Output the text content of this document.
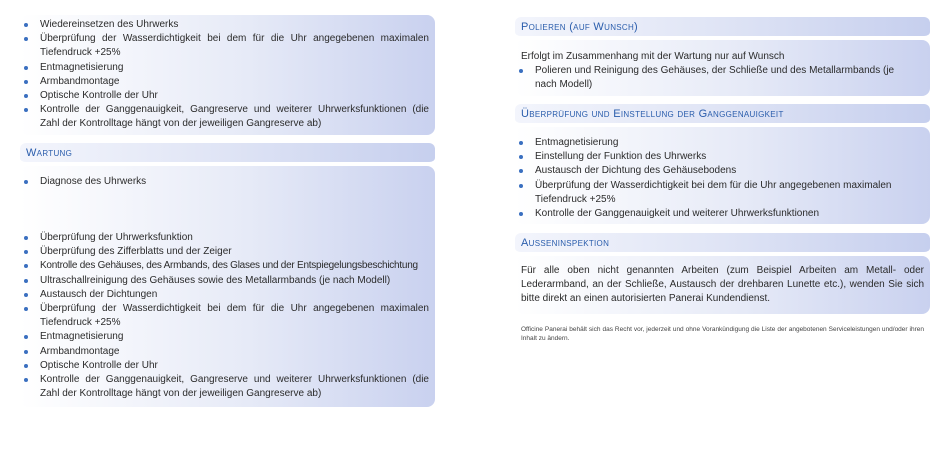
Wiedereinsetzen des Uhrwerks
Überprüfung der Wasserdichtigkeit bei dem für die Uhr angegebenen maximalen Tiefendruck +25%
Entmagnetisierung
Armbandmontage
Optische Kontrolle der Uhr
Kontrolle der Ganggenauigkeit, Gangreserve und weiterer Uhrwerksfunktionen (die Zahl der Kontrolltage hängt von der jeweiligen Gangreserve ab)
Wartung
Diagnose des Uhrwerks
Überprüfung der Uhrwerksfunktion
Überprüfung des Zifferblatts und der Zeiger
Kontrolle des Gehäuses, des Armbands, des Glases und der Entspiegelungsbeschichtung
Ultraschallreinigung des Gehäuses sowie des Metallarmbands (je nach Modell)
Austausch der Dichtungen
Überprüfung der Wasserdichtigkeit bei dem für die Uhr angegebenen maximalen Tiefendruck +25%
Entmagnetisierung
Armbandmontage
Optische Kontrolle der Uhr
Kontrolle der Ganggenauigkeit, Gangreserve und weiterer Uhrwerksfunktionen (die Zahl der Kontrolltage hängt von der jeweiligen Gangreserve ab)
Polieren (auf Wunsch)

Erfolgt im Zusammenhang mit der Wartung nur auf Wunsch

Polieren und Reinigung des Gehäuses, der Schließe und des Metallarmbands (je nach Modell)
Überprüfung und Einstellung der Ganggenauigkeit
Entmagnetisierung
Einstellung der Funktion des Uhrwerks
Austausch der Dichtung des Gehäusebodens
Überprüfung der Wasserdichtigkeit bei dem für die Uhr angegebenen maximalen Tiefendruck +25%
Kontrolle der Ganggenauigkeit und weiterer Uhrwerksfunktionen
Ausseninspektion

Für alle oben nicht genannten Arbeiten (zum Beispiel Arbeiten am Metall- oder Lederarmband, an der Schließe, Austausch der drehbaren Lunette etc.), wenden Sie sich bitte direkt an einen autorisierten Panerai Kundendienst.

Officine Panerai behält sich das Recht vor, jederzeit und ohne Vorankündigung die Liste der angebotenen Serviceleistungen und/oder ihren Inhalt zu ändern.
